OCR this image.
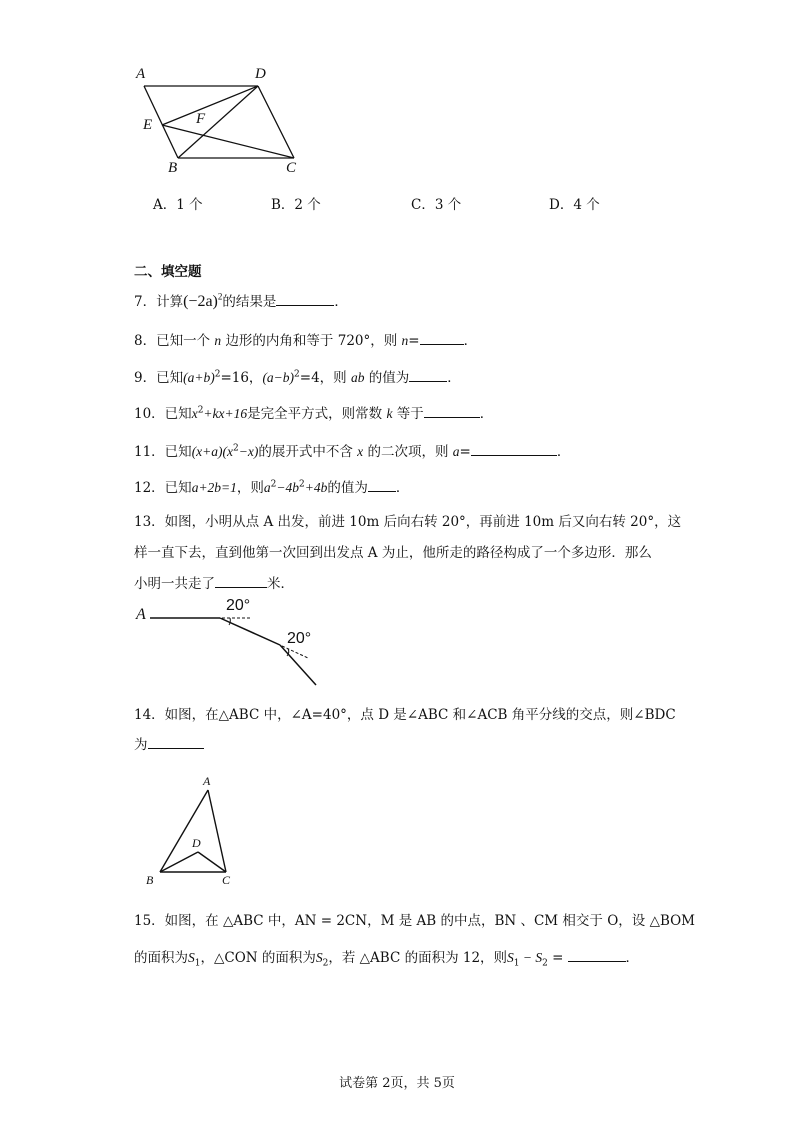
A	D
E	F
B	C
A．1 个	B．2 个	C．3 个	D．4 个
二、填空题
7．计算$(-2a)^2$的结果是	．
8．已知一个 n 边形的内角和等于 720°，则 n=	．
9．已知$(a+b)^2=16$，$(a-b)^2=4$，则 ab 的值为	．
10．已知$x^2+kx+16$是完全平方式，则常数 k 等于	．
11．已知$(x+a)(x^2-x)$的展开式中不含 x 的二次项，则 a=	．
12．已知a+2b=1，则$a^2-4b^2+4b$的值为 ．
13．如图，小明从点 A 出发，前进 10m 后向右转 20°，再前进 10m 后又向右转 20°，这
样一直下去，直到他第一次回到出发点 A 为止，他所走的路径构成了一个多边形．那么
小明一共走了	米．
A
20°
20°
14．如图，在△ABC 中，∠A=40°，点 D 是∠ABC 和∠ACB 角平分线的交点，则∠BDC
为
A
D
B	C
15．如图，在 △ABC 中，AN = 2CN，M 是 AB 的中点，BN 、CM 相交于 O，设 △BOM
的面积为$S_1$，△CON 的面积为$S_2$，若 △ABC 的面积为 12，则$S_1 - S_2$ =	．
试卷第 2页，共 5页
